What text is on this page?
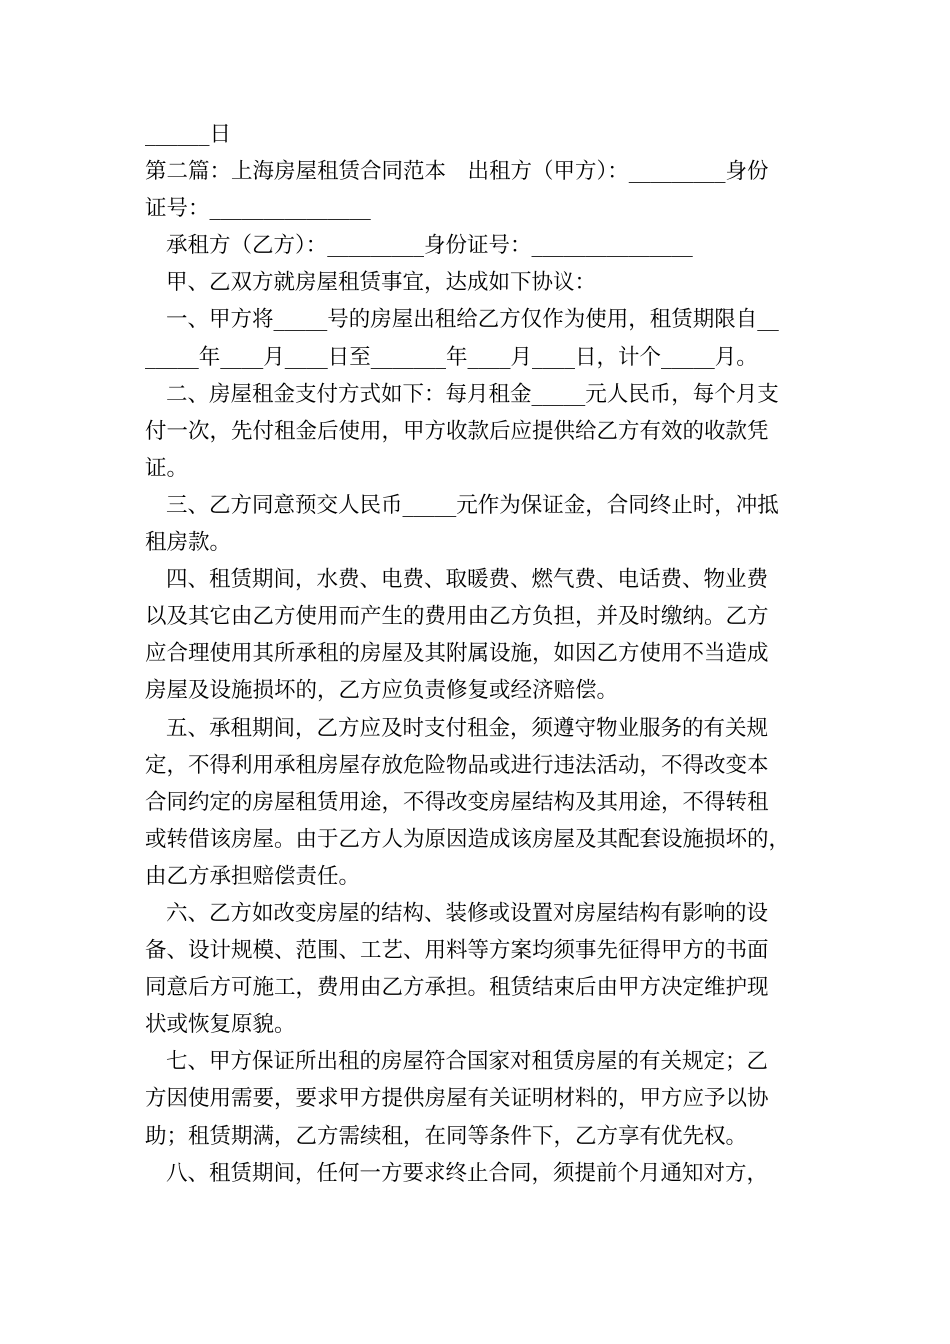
______日

第二篇：上海房屋租赁合同范本　出租方（甲方）：_________身份

证号：_______________

承租方（乙方）：_________身份证号：_______________

甲、乙双方就房屋租赁事宜，达成如下协议：

一、甲方将_____号的房屋出租给乙方仅作为使用，租赁期限自__

_____年____月____日至_______年____月____日，计个_____月。

二、房屋租金支付方式如下：每月租金_____元人民币，每个月支

付一次，先付租金后使用，甲方收款后应提供给乙方有效的收款凭

证。

三、乙方同意预交人民币_____元作为保证金，合同终止时，冲抵

租房款。

四、租赁期间，水费、电费、取暖费、燃气费、电话费、物业费

以及其它由乙方使用而产生的费用由乙方负担，并及时缴纳。乙方

应合理使用其所承租的房屋及其附属设施，如因乙方使用不当造成

房屋及设施损坏的，乙方应负责修复或经济赔偿。

五、承租期间，乙方应及时支付租金，须遵守物业服务的有关规

定，不得利用承租房屋存放危险物品或进行违法活动，不得改变本

合同约定的房屋租赁用途，不得改变房屋结构及其用途，不得转租

或转借该房屋。由于乙方人为原因造成该房屋及其配套设施损坏的，

由乙方承担赔偿责任。

六、乙方如改变房屋的结构、装修或设置对房屋结构有影响的设

备、设计规模、范围、工艺、用料等方案均须事先征得甲方的书面

同意后方可施工，费用由乙方承担。租赁结束后由甲方决定维护现

状或恢复原貌。

七、甲方保证所出租的房屋符合国家对租赁房屋的有关规定；乙

方因使用需要，要求甲方提供房屋有关证明材料的，甲方应予以协

助；租赁期满，乙方需续租，在同等条件下，乙方享有优先权。

八、租赁期间，任何一方要求终止合同，须提前个月通知对方，
